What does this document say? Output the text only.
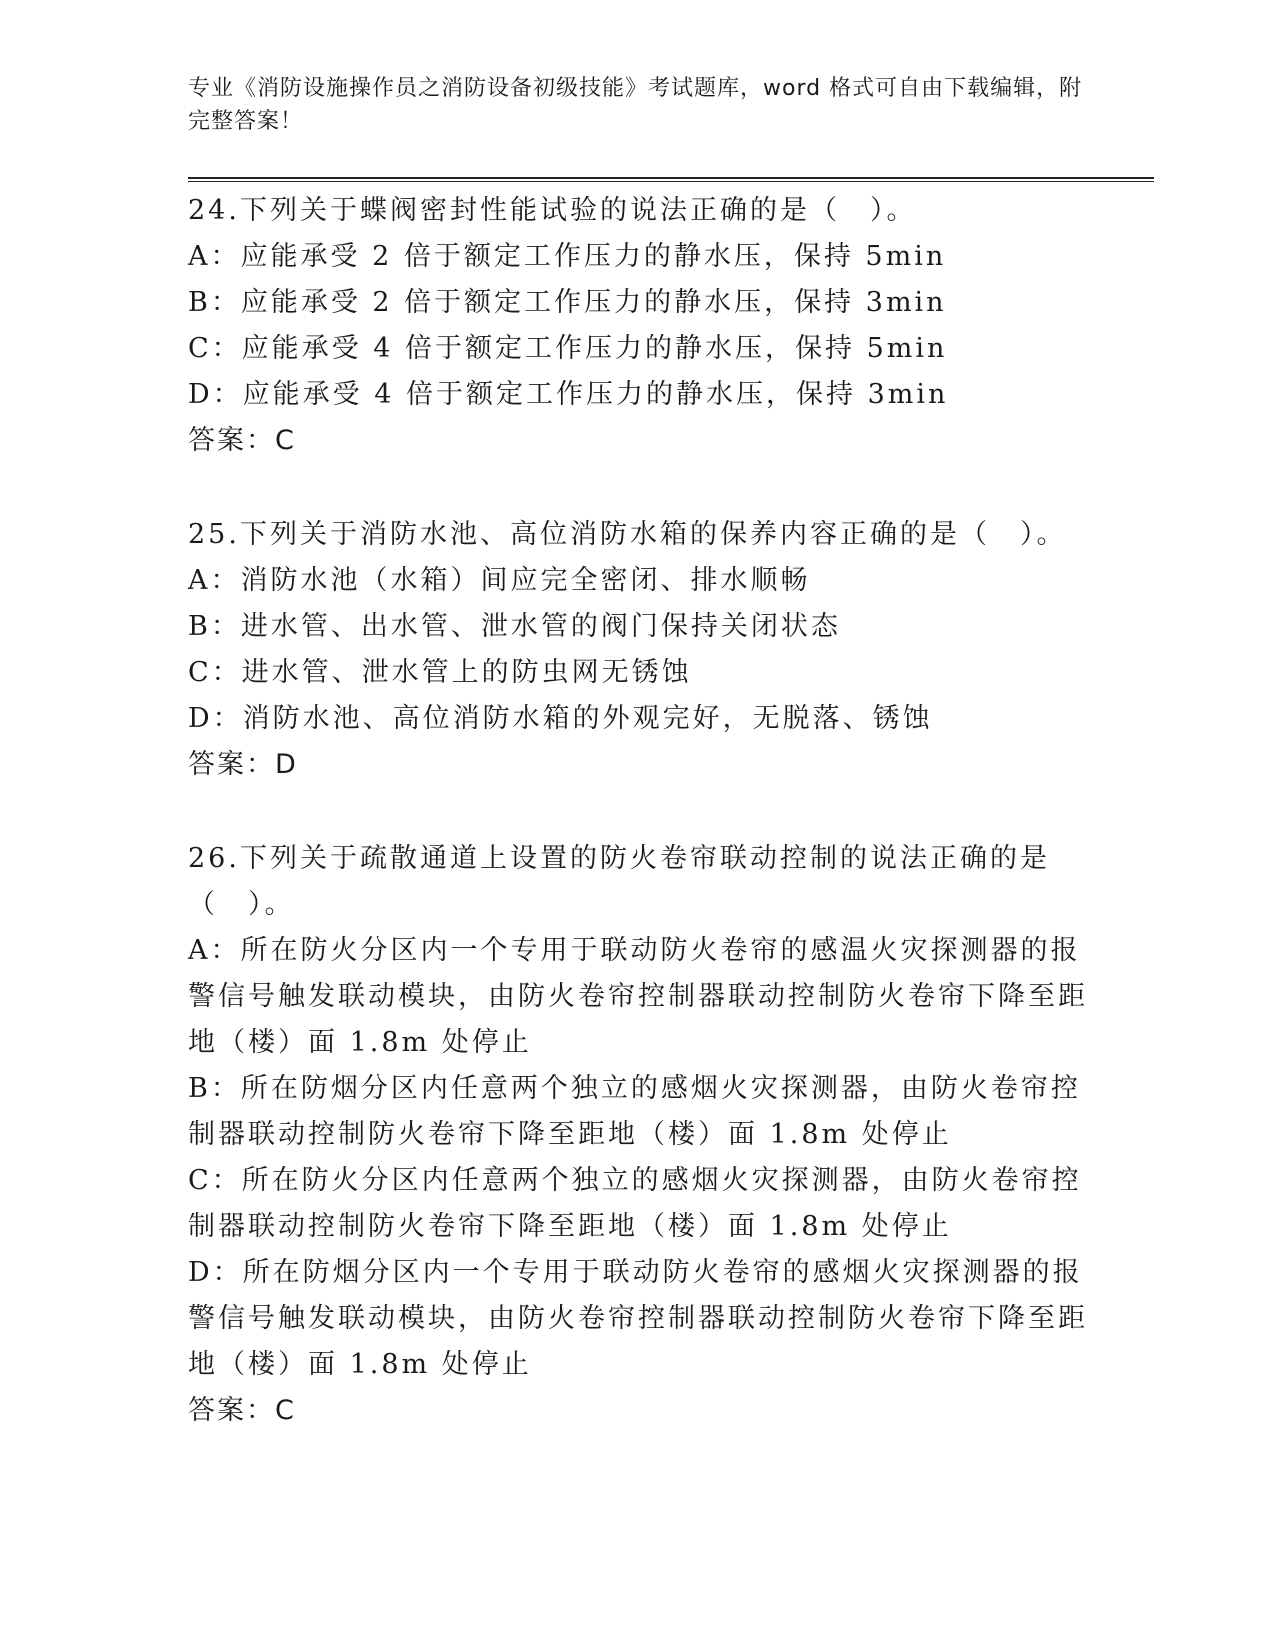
专业《消防设施操作员之消防设备初级技能》考试题库，word 格式可自由下载编辑，附完整答案！
24.下列关于蝶阀密封性能试验的说法正确的是（　）。
A：应能承受 2 倍于额定工作压力的静水压，保持 5min
B：应能承受 2 倍于额定工作压力的静水压，保持 3min
C：应能承受 4 倍于额定工作压力的静水压，保持 5min
D：应能承受 4 倍于额定工作压力的静水压，保持 3min
答案：C
25.下列关于消防水池、高位消防水箱的保养内容正确的是（　）。
A：消防水池（水箱）间应完全密闭、排水顺畅
B：进水管、出水管、泄水管的阀门保持关闭状态
C：进水管、泄水管上的防虫网无锈蚀
D：消防水池、高位消防水箱的外观完好，无脱落、锈蚀
答案：D
26.下列关于疏散通道上设置的防火卷帘联动控制的说法正确的是（　）。
A：所在防火分区内一个专用于联动防火卷帘的感温火灾探测器的报警信号触发联动模块，由防火卷帘控制器联动控制防火卷帘下降至距地（楼）面 1.8m 处停止
B：所在防烟分区内任意两个独立的感烟火灾探测器，由防火卷帘控制器联动控制防火卷帘下降至距地（楼）面 1.8m 处停止
C：所在防火分区内任意两个独立的感烟火灾探测器，由防火卷帘控制器联动控制防火卷帘下降至距地（楼）面 1.8m 处停止
D：所在防烟分区内一个专用于联动防火卷帘的感烟火灾探测器的报警信号触发联动模块，由防火卷帘控制器联动控制防火卷帘下降至距地（楼）面 1.8m 处停止
答案：C
